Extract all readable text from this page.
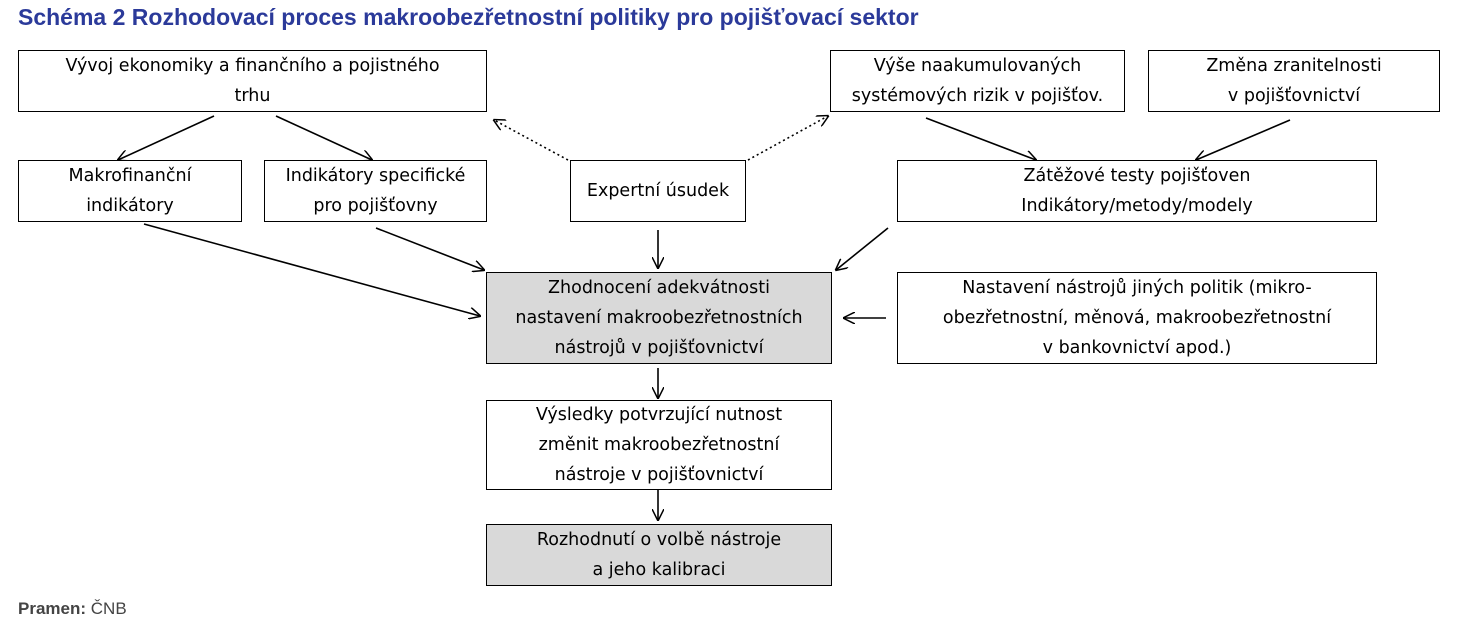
Schéma 2 Rozhodovací proces makroobezřetnostní politiky pro pojišťovací sektor
Vývoj ekonomiky a finančního a pojistného
trhu
Výše naakumulovaných
systémových rizik v pojišťov.
Změna zranitelnosti
v pojišťovnictví
Makrofinanční
indikátory
Indikátory specifické
pro pojišťovny
Expertní úsudek
Zátěžové testy pojišťoven
Indikátory/metody/modely
Zhodnocení adekvátnosti
nastavení makroobezřetnostních
nástrojů v pojišťovnictví
Nastavení nástrojů jiných politik (mikro-
obezřetnostní, měnová, makroobezřetnostní
v bankovnictví apod.)
Výsledky potvrzující nutnost
změnit makroobezřetnostní
nástroje v pojišťovnictví
Rozhodnutí o volbě nástroje
a jeho kalibraci
Pramen: ČNB
